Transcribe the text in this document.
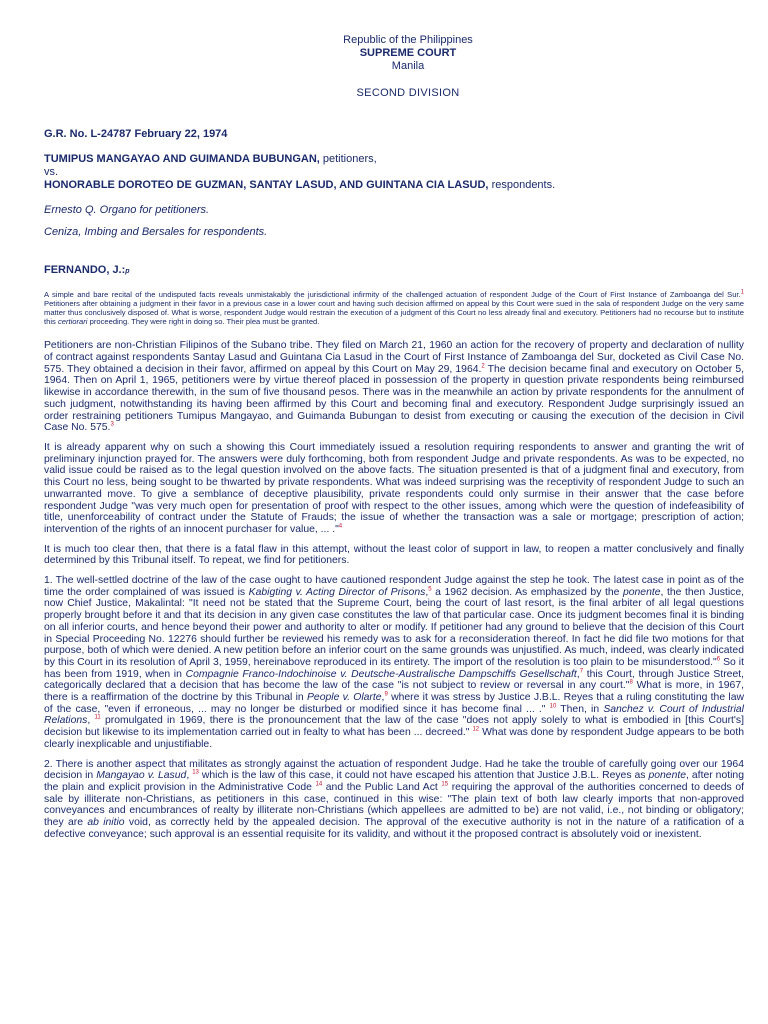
Republic of the Philippines
SUPREME COURT
Manila
SECOND DIVISION
G.R. No. L-24787 February 22, 1974
TUMIPUS MANGAYAO AND GUIMANDA BUBUNGAN, petitioners,
vs.
HONORABLE DOROTEO DE GUZMAN, SANTAY LASUD, AND GUINTANA CIA LASUD, respondents.
Ernesto Q. Organo for petitioners.
Ceniza, Imbing and Bersales for respondents.
FERNANDO, J.:p
A simple and bare recital of the undisputed facts reveals unmistakably the jurisdictional infirmity of the challenged actuation of respondent Judge of the Court of First Instance of Zamboanga del Sur.$^1$ Petitioners after obtaining a judgment in their favor in a previous case in a lower court and having such decision affirmed on appeal by this Court were sued in the sala of respondent Judge on the very same matter thus conclusively disposed of. What is worse, respondent Judge would restrain the execution of a judgment of this Court no less already final and executory. Petitioners had no recourse but to institute this certiorari proceeding. They were right in doing so. Their plea must be granted.
Petitioners are non-Christian Filipinos of the Subano tribe. They filed on March 21, 1960 an action for the recovery of property and declaration of nullity of contract against respondents Santay Lasud and Guintana Cia Lasud in the Court of First Instance of Zamboanga del Sur, docketed as Civil Case No. 575. They obtained a decision in their favor, affirmed on appeal by this Court on May 29, 1964.$^2$ The decision became final and executory on October 5, 1964. Then on April 1, 1965, petitioners were by virtue thereof placed in possession of the property in question private respondents being reimbursed likewise in accordance therewith, in the sum of five thousand pesos. There was in the meanwhile an action by private respondents for the annulment of such judgment, notwithstanding its having been affirmed by this Court and becoming final and executory. Respondent Judge surprisingly issued an order restraining petitioners Tumipus Mangayao, and Guimanda Bubungan to desist from executing or causing the execution of the decision in Civil Case No. 575.$^3$
It is already apparent why on such a showing this Court immediately issued a resolution requiring respondents to answer and granting the writ of preliminary injunction prayed for. The answers were duly forthcoming, both from respondent Judge and private respondents. As was to be expected, no valid issue could be raised as to the legal question involved on the above facts. The situation presented is that of a judgment final and executory, from this Court no less, being sought to be thwarted by private respondents. What was indeed surprising was the receptivity of respondent Judge to such an unwarranted move. To give a semblance of deceptive plausibility, private respondents could only surmise in their answer that the case before respondent Judge "was very much open for presentation of proof with respect to the other issues, among which were the question of indefeasibility of title, unenforceability of contract under the Statute of Frauds; the issue of whether the transaction was a sale or mortgage; prescription of action; intervention of the rights of an innocent purchaser for value, ... ."$^4$
It is much too clear then, that there is a fatal flaw in this attempt, without the least color of support in law, to reopen a matter conclusively and finally determined by this Tribunal itself. To repeat, we find for petitioners.
1. The well-settled doctrine of the law of the case ought to have cautioned respondent Judge against the step he took. The latest case in point as of the time the order complained of was issued is Kabigting v. Acting Director of Prisons,$^5$ a 1962 decision. As emphasized by the ponente, the then Justice, now Chief Justice, Makalintal: "It need not be stated that the Supreme Court, being the court of last resort, is the final arbiter of all legal questions properly brought before it and that its decision in any given case constitutes the law of that particular case. Once its judgment becomes final it is binding on all inferior courts, and hence beyond their power and authority to alter or modify. If petitioner had any ground to believe that the decision of this Court in Special Proceeding No. 12276 should further be reviewed his remedy was to ask for a reconsideration thereof. In fact he did file two motions for that purpose, both of which were denied. A new petition before an inferior court on the same grounds was unjustified. As much, indeed, was clearly indicated by this Court in its resolution of April 3, 1959, hereinabove reproduced in its entirety. The import of the resolution is too plain to be misunderstood."$^6$ So it has been from 1919, when in Compagnie Franco-Indochinoise v. Deutsche-Australische Dampschiffs Gesellschaft,$^7$ this Court, through Justice Street, categorically declared that a decision that has become the law of the case "is not subject to review or reversal in any court."$^8$ What is more, in 1967, there is a reaffirmation of the doctrine by this Tribunal in People v. Olarte,$^9$ where it was stress by Justice J.B.L. Reyes that a ruling constituting the law of the case, "even if erroneous, ... may no longer be disturbed or modified since it has become final ... ." $^{10}$ Then, in Sanchez v. Court of Industrial Relations, $^{11}$ promulgated in 1969, there is the pronouncement that the law of the case "does not apply solely to what is embodied in [this Court's] decision but likewise to its implementation carried out in fealty to what has been ... decreed." $^{12}$ What was done by respondent Judge appears to be both clearly inexplicable and unjustifiable.
2. There is another aspect that militates as strongly against the actuation of respondent Judge. Had he take the trouble of carefully going over our 1964 decision in Mangayao v. Lasud, $^{13}$ which is the law of this case, it could not have escaped his attention that Justice J.B.L. Reyes as ponente, after noting the plain and explicit provision in the Administrative Code $^{14}$ and the Public Land Act $^{15}$ requiring the approval of the authorities concerned to deeds of sale by illiterate non-Christians, as petitioners in this case, continued in this wise: "The plain text of both law clearly imports that non-approved conveyances and encumbrances of realty by illiterate non-Christians (which appellees are admitted to be) are not valid, i.e., not binding or obligatory; they are ab initio void, as correctly held by the appealed decision. The approval of the executive authority is not in the nature of a ratification of a defective conveyance; such approval is an essential requisite for its validity, and without it the proposed contract is absolutely void or inexistent.
